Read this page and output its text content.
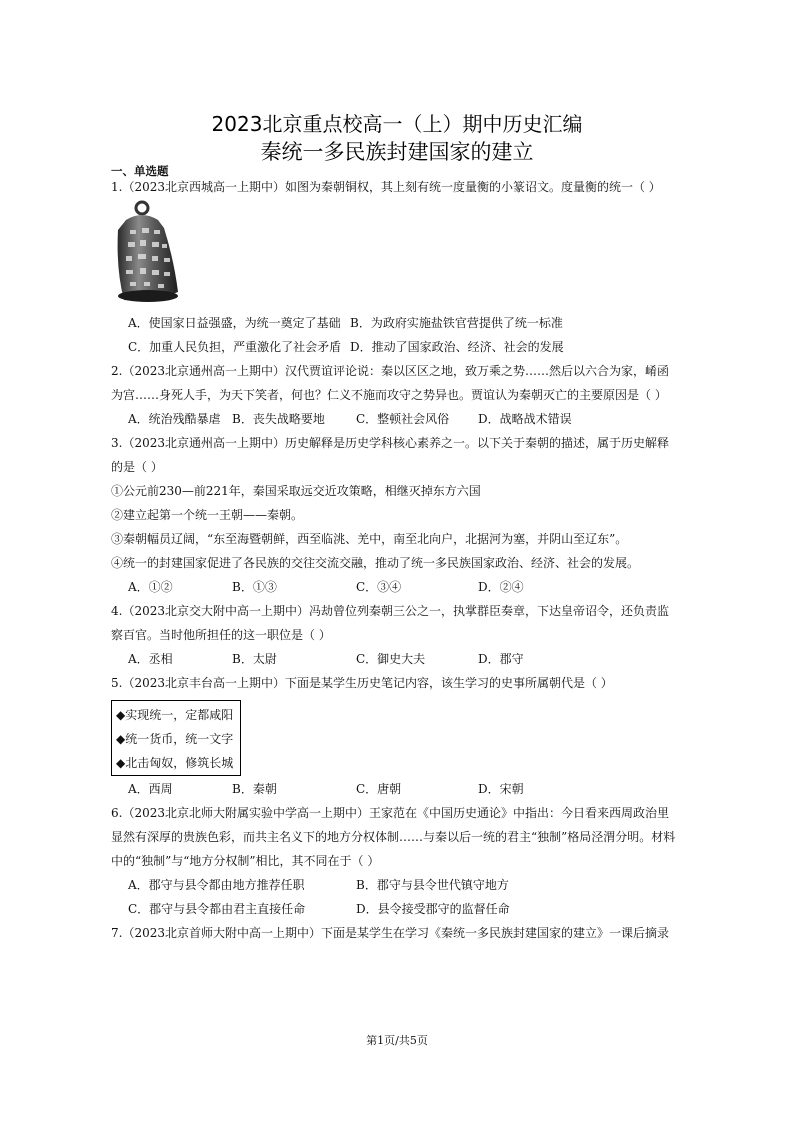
2023北京重点校高一（上）期中历史汇编
秦统一多民族封建国家的建立
一、单选题
1.（2023北京西城高一上期中）如图为秦朝铜权，其上刻有统一度量衡的小篆诏文。度量衡的统一（ ）
A．使国家日益强盛，为统一奠定了基础 B．为政府实施盐铁官营提供了统一标准
C．加重人民负担，严重激化了社会矛盾 D．推动了国家政治、经济、社会的发展
2.（2023北京通州高一上期中）汉代贾谊评论说：秦以区区之地，致万乘之势……然后以六合为家，崤函
为宫……身死人手，为天下笑者，何也？仁义不施而攻守之势异也。贾谊认为秦朝灭亡的主要原因是（ ）
A．统治残酷暴虐 B．丧失战略要地	C．整顿社会风俗 D．战略战术错误
3.（2023北京通州高一上期中）历史解释是历史学科核心素养之一。以下关于秦朝的描述，属于历史解释
的是（ ）
①公元前230—前221年，秦国采取远交近攻策略，相继灭掉东方六国
②建立起第一个统一王朝——秦朝。
③秦朝幅员辽阔，“东至海暨朝鲜，西至临洮、羌中，南至北向户，北据河为塞，并阴山至辽东”。
④统一的封建国家促进了各民族的交往交流交融，推动了统一多民族国家政治、经济、社会的发展。
A．①②	B．①③	C．③④	D．②④
4.（2023北京交大附中高一上期中）冯劫曾位列秦朝三公之一，执掌群臣奏章，下达皇帝诏令，还负责监
察百官。当时他所担任的这一职位是（ ）
A．丞相	B．太尉	C．御史大夫	D．郡守
5.（2023北京丰台高一上期中）下面是某学生历史笔记内容，该生学习的史事所属朝代是（ ）
◆实现统一，定都咸阳
◆统一货币，统一文字
◆北击匈奴，修筑长城
A．西周	B．秦朝	C．唐朝	D．宋朝
6.（2023北京北师大附属实验中学高一上期中）王家范在《中国历史通论》中指出：今日看来西周政治里
显然有深厚的贵族色彩，而共主名义下的地方分权体制……与秦以后一统的君主“独制”格局泾渭分明。材料
中的“独制”与“地方分权制”相比，其不同在于（ ）
A．郡守与县令都由地方推荐任职	B．郡守与县令世代镇守地方
C．郡守与县令都由君主直接任命	D．县令接受郡守的监督任命
7.（2023北京首师大附中高一上期中）下面是某学生在学习《秦统一多民族封建国家的建立》一课后摘录
第1页/共5页
